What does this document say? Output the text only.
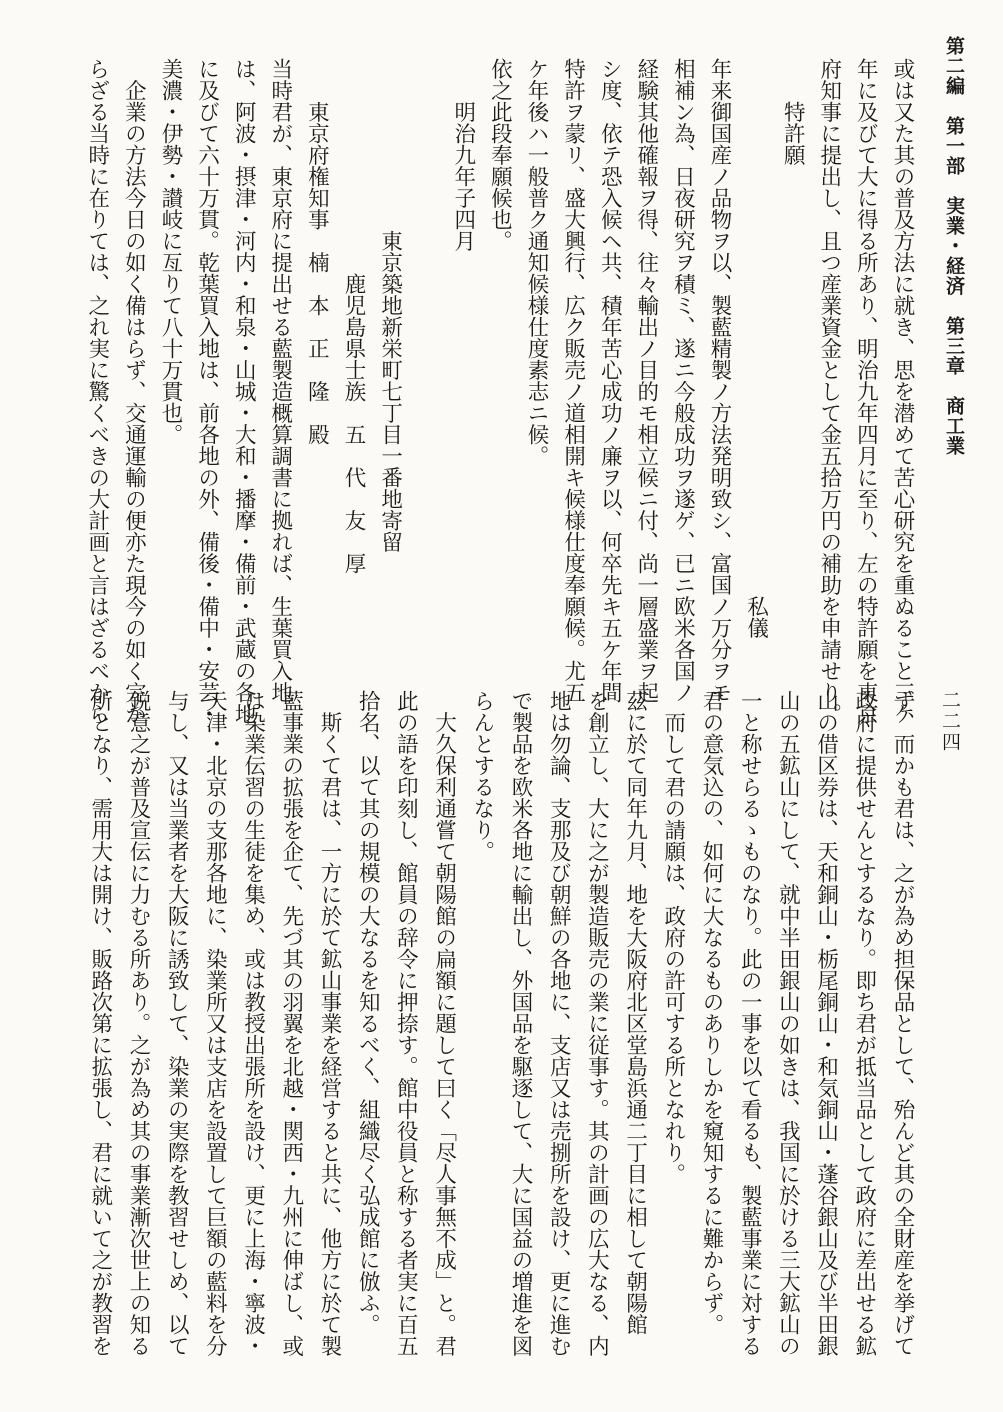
第二編　第一部　実業・経済　第三章　商工業
二二四
或は又た其の普及方法に就き、思を潜めて苦心研究を重ぬること三ケ
年に及びて大に得る所あり、明治九年四月に至り、左の特許願を東京
府知事に提出し、且つ産業資金として金五拾万円の補助を申請せり。
　　特許願
　　　　　　　　　　　　　　　　　　　　　　　　　私儀
年来御国産ノ品物ヲ以、製藍精製ノ方法発明致シ、富国ノ万分ヲモ
相補ン為、日夜研究ヲ積ミ、遂ニ今般成功ヲ遂ゲ、已ニ欧米各国ノ
経験其他確報ヲ得、往々輸出ノ目的モ相立候ニ付、尚一層盛業ヲ起
シ度、依テ恐入候ヘ共、積年苦心成功ノ廉ヲ以、何卒先キ五ケ年間
特許ヲ蒙リ、盛大興行、広ク販売ノ道相開キ候様仕度奉願候。尤五
ケ年後ハ一般普ク通知候様仕度素志ニ候。
依之此段奉願候也。
　　明治九年子四月
　　　　　　　　東京築地新栄町七丁目一番地寄留
　　　　　　　　　　鹿児島県士族　五　代　友　厚
　　東京府権知事　楠　本　正　隆　殿
当時君が、東京府に提出せる藍製造概算調書に拠れば、生葉買入地
は、阿波・摂津・河内・和泉・山城・大和・播摩・備前・武蔵の各地
に及びて六十万貫。乾葉買入地は、前各地の外、備後・備中・安芸・
美濃・伊勢・讃岐に亙りて八十万貫也。
　企業の方法今日の如く備はらず、交通運輸の便亦た現今の如く完か
らざる当時に在りては、之れ実に驚くべきの大計画と言はざるべから
ず、而かも君は、之が為め担保品として、殆んど其の全財産を挙げて
政府に提供せんとするなり。即ち君が抵当品として政府に差出せる鉱
山の借区券は、天和銅山・栃尾銅山・和気銅山・蓬谷銀山及び半田銀
山の五鉱山にして、就中半田銀山の如きは、我国に於ける三大鉱山の
一と称せらるゝものなり。此の一事を以て看るも、製藍事業に対する
君の意気込の、如何に大なるものありしかを窺知するに難からず。
　而して君の請願は、政府の許可する所となれり。
茲に於て同年九月、地を大阪府北区堂島浜通二丁目に相して朝陽館
を創立し、大に之が製造販売の業に従事す。其の計画の広大なる、内
地は勿論、支那及び朝鮮の各地に、支店又は売捌所を設け、更に進む
で製品を欧米各地に輸出し、外国品を駆逐して、大に国益の増進を図
らんとするなり。
　大久保利通嘗て朝陽館の扁額に題して曰く「尽人事無不成」と。君
此の語を印刻し、館員の辞令に押捺す。館中役員と称する者実に百五
拾名、以て其の規模の大なるを知るべく、組織尽く弘成館に倣ふ。
　斯くて君は、一方に於て鉱山事業を経営すると共に、他方に於て製
藍事業の拡張を企て、先づ其の羽翼を北越・関西・九州に伸ばし、或
は染業伝習の生徒を集め、或は教授出張所を設け、更に上海・寧波・
天津・北京の支那各地に、染業所又は支店を設置して巨額の藍料を分
与し、又は当業者を大阪に誘致して、染業の実際を教習せしめ、以て
鋭意之が普及宣伝に力むる所あり。之が為め其の事業漸次世上の知る
所となり、需用大は開け、販路次第に拡張し、君に就いて之が教習を
